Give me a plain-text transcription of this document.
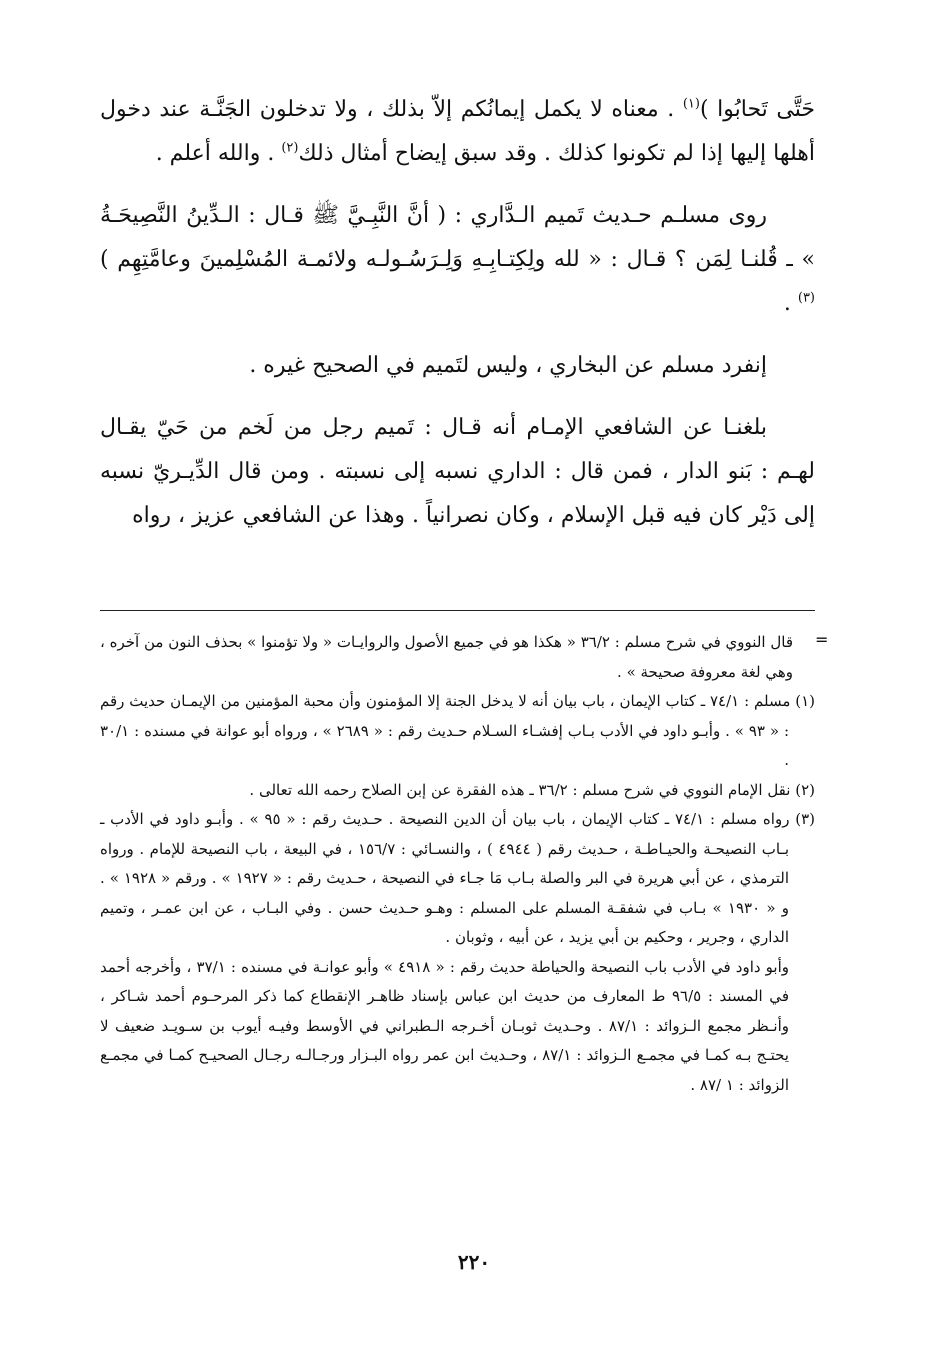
حَتَّى تَحابُوا )$^{(١)}$ . معناه لا يكمل إيمانُكم إلاّ بذلك ، ولا تدخلون الجَنَّـة عند دخول أهلها إليها إذا لم تكونوا كذلك . وقد سبق إيضاح أمثال ذلك$^{(٢)}$ . والله أعلم .

روى مسلـم حـديث تَميم الـدَّاري : ( أنَّ النَّبِـيَّ ﷺ قـال : الـدِّينُ النَّصِيحَـةُ » ـ قُلنـا لِمَن ؟ قـال : « لله ولِكِتـابِـهِ وَلِـرَسُـولـه ولائمـة المُسْلِمينَ وعامَّتِهِم ) $^{(٣)}$ .

إنفرد مسلم عن البخاري ، وليس لتَميم في الصحيح غيره .

بلغنـا عن الشافعي الإمـام أنه قـال : تَميم رجل من لَخم من حَيّ يقـال لهـم : بَنو الدار ، فمن قال : الداري نسبه إلى نسبته . ومن قال الدِّيـريّ نسبه إلى دَيْر كان فيه قبل الإسلام ، وكان نصرانياً . وهذا عن الشافعي عزيز ، رواه

=

قال النووي في شرح مسلم : ٣٦/٢ « هكذا هو في جميع الأصول والروايـات « ولا تؤمنوا » بحذف النون من آخره ، وهي لغة معروفة صحيحة » .

(١) مسلم : ٧٤/١ ـ كتاب الإيمان ، باب بيان أنه لا يدخل الجنة إلا المؤمنون وأن محبة المؤمنين من الإيمـان حديث رقم : « ٩٣ » . وأبـو داود في الأدب بـاب إفشـاء السـلام حـديث رقم : « ٢٦٨٩ » ، ورواه أبو عوانة في مسنده : ٣٠/١ .

(٢) نقل الإمام النووي في شرح مسلم : ٣٦/٢ ـ هذه الفقرة عن إبن الصلاح رحمه الله تعالى .

(٣) رواه مسلم : ٧٤/١ ـ كتاب الإيمان ، باب بيان أن الدين النصيحة . حـديث رقم : « ٩٥ » . وأبـو داود في الأدب ـ بـاب النصيحـة والحيـاطـة ، حـديث رقم ( ٤٩٤٤ ) ، والنسـائي : ١٥٦/٧ ، في البيعة ، باب النصيحة للإمام . ورواه الترمذي ، عن أبي هريرة في البر والصلة بـاب مَا جـاء في النصيحة ، حـديث رقم : « ١٩٢٧ » . ورقم « ١٩٢٨ » . و « ١٩٣٠ » بـاب في شفقـة المسلم على المسلم : وهـو حـديث حسن . وفي البـاب ، عن ابن عمـر ، وتميم الداري ، وجرير ، وحكيم بن أبي يزيد ، عن أبيه ، وثوبان .

وأبو داود في الأدب باب النصيحة والحياطة حديث رقم : « ٤٩١٨ » وأبو عوانـة في مسنده : ٣٧/١ ، وأخرجه أحمد في المسند : ٩٦/٥ ط المعارف من حديث ابن عباس بإسناد ظاهـر الإنقطاع كما ذكر المرحـوم أحمد شـاكر ، وأنـظر مجمع الـزوائد : ٨٧/١ . وحـديث ثوبـان أخـرجه الـطبراني في الأوسط وفيـه أيوب بن سـويـد ضعيف لا يحتـج بـه كمـا في مجمـع الـزوائد : ٨٧/١ ، وحـديث ابن عمر رواه البـزار ورجـالـه رجـال الصحيـح كمـا في مجمـع الزوائد : ١ /٨٧ .

٢٢٠
